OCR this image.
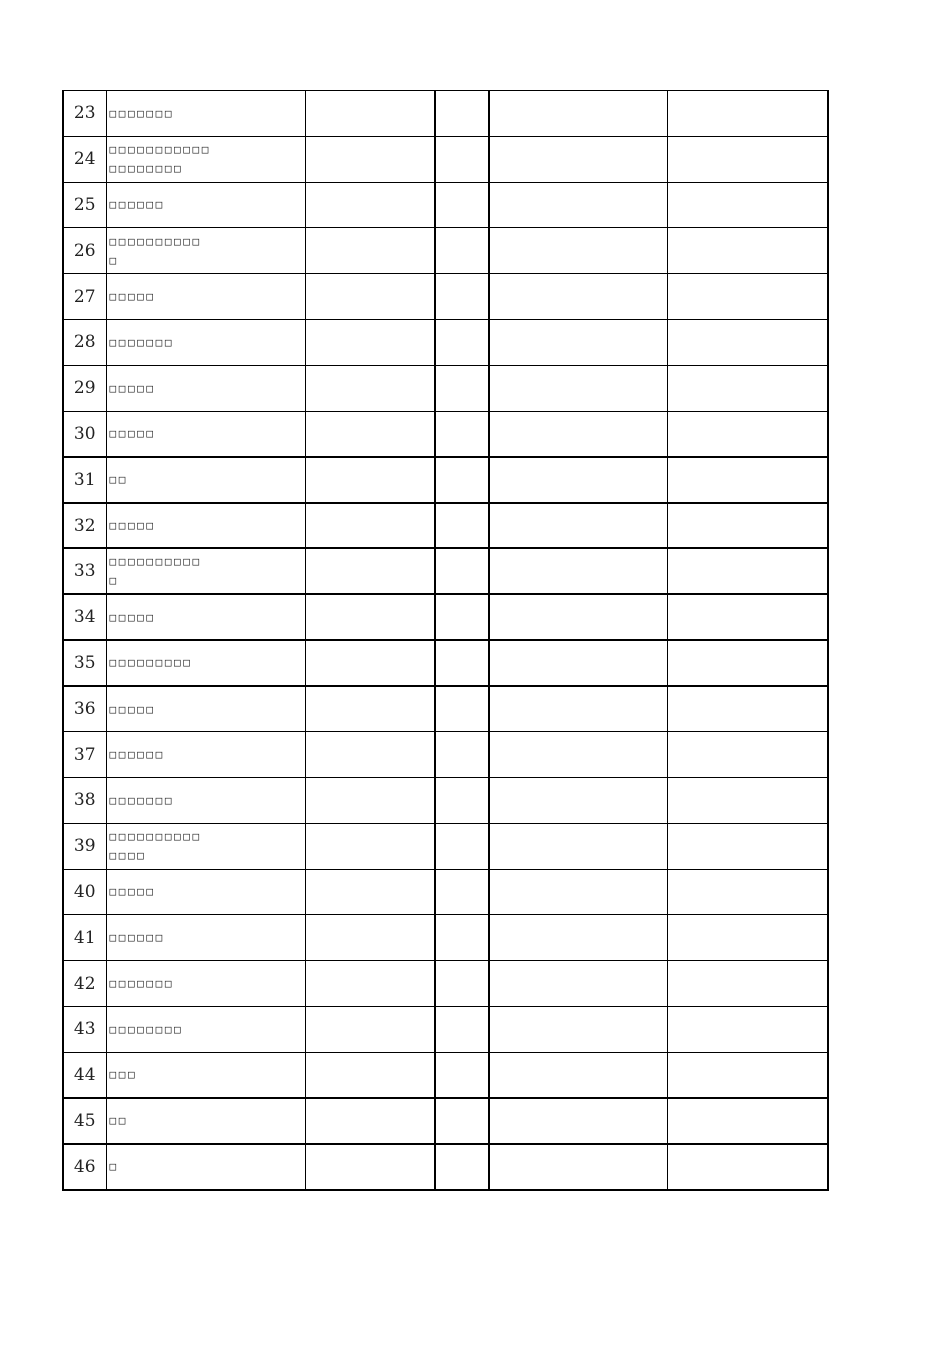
23	□□□□□□□				
24	□□□□□□□□□□□
□□□□□□□□				
25	□□□□□□				
26	□□□□□□□□□□
□				
27	□□□□□				
28	□□□□□□□				
29	□□□□□				
30	□□□□□				
31	□□				
32	□□□□□				
33	□□□□□□□□□□
□				
34	□□□□□				
35	□□□□□□□□□				
36	□□□□□				
37	□□□□□□				
38	□□□□□□□				
39	□□□□□□□□□□
□□□□				
40	□□□□□				
41	□□□□□□				
42	□□□□□□□				
43	□□□□□□□□				
44	□□□				
45	□□				
46	□				
